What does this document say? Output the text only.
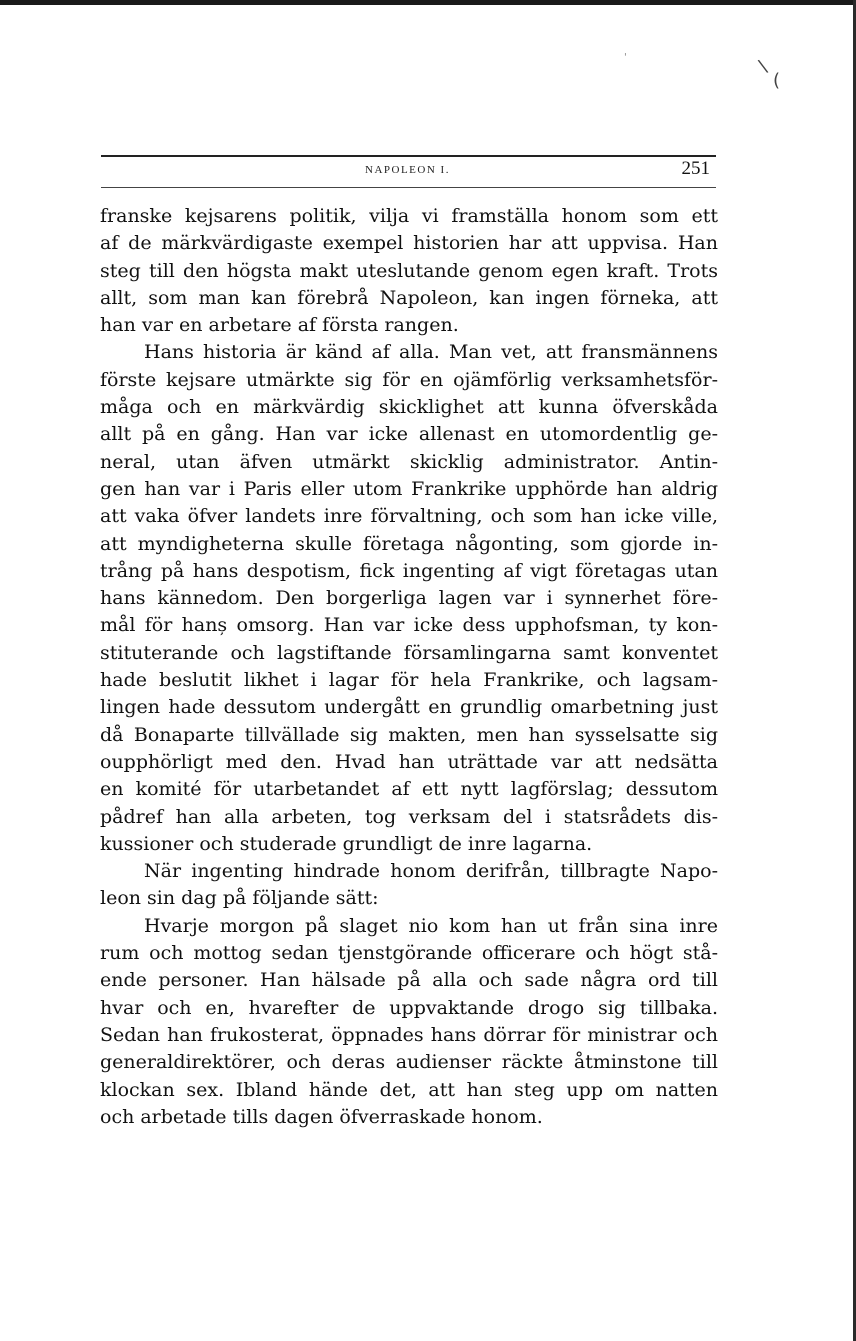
\
(
'
NAPOLEON I.	251
franske kejsarens politik, vilja vi framställa honom som ett
af de märkvärdigaste exempel historien har att uppvisa. Han
steg till den högsta makt uteslutande genom egen kraft. Trots
allt, som man kan förebrå Napoleon, kan ingen förneka, att
han var en arbetare af första rangen.
Hans historia är känd af alla. Man vet, att fransmännens
förste kejsare utmärkte sig för en ojämförlig verksamhetsför-
måga och en märkvärdig skicklighet att kunna öfverskåda
allt på en gång. Han var icke allenast en utomordentlig ge-
neral, utan äfven utmärkt skicklig administrator. Antin-
gen han var i Paris eller utom Frankrike upphörde han aldrig
att vaka öfver landets inre förvaltning, och som han icke ville,
att myndigheterna skulle företaga någonting, som gjorde in-
trång på hans despotism, fick ingenting af vigt företagas utan
hans kännedom. Den borgerliga lagen var i synnerhet före-
mål för hanș omsorg. Han var icke dess upphofsman, ty kon-
stituterande och lagstiftande församlingarna samt konventet
hade beslutit likhet i lagar för hela Frankrike, och lagsam-
lingen hade dessutom undergått en grundlig omarbetning just
då Bonaparte tillvällade sig makten, men han sysselsatte sig
oupphörligt med den. Hvad han uträttade var att nedsätta
en komité för utarbetandet af ett nytt lagförslag; dessutom
pådref han alla arbeten, tog verksam del i statsrådets dis-
kussioner och studerade grundligt de inre lagarna.
När ingenting hindrade honom derifrån, tillbragte Napo-
leon sin dag på följande sätt:
Hvarje morgon på slaget nio kom han ut från sina inre
rum och mottog sedan tjenstgörande officerare och högt stå-
ende personer. Han hälsade på alla och sade några ord till
hvar och en, hvarefter de uppvaktande drogo sig tillbaka.
Sedan han frukosterat, öppnades hans dörrar för ministrar och
generaldirektörer, och deras audienser räckte åtminstone till
klockan sex. Ibland hände det, att han steg upp om natten
och arbetade tills dagen öfverraskade honom.
